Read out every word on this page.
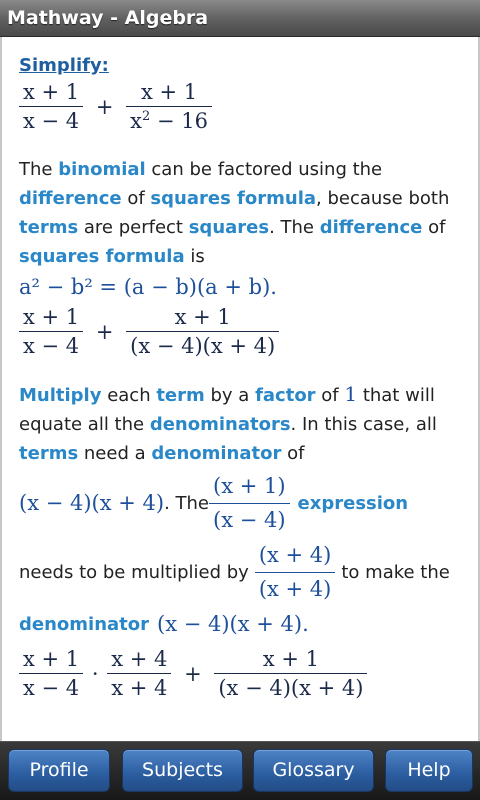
Mathway - Algebra
Simplify:
$\frac{x + 1}{x - 4} + \frac{x + 1}{x^2 - 16}$

The binomial can be factored using the difference of squares formula, because both terms are perfect squares. The difference of squares formula is

a² − b² = (a − b)(a + b).
$\frac{x + 1}{x - 4} + \frac{x + 1}{(x - 4)(x + 4)}$

Multiply each term by a factor of 1 that will equate all the denominators. In this case, all terms need a denominator of

(x − 4)(x + 4) . The $\frac{(x + 1)}{(x - 4)}$ expression
needs to be multiplied by $\frac{(x + 4)}{(x + 4)}$ to make the
denominator (x − 4)(x + 4).
$\frac{x + 1}{x - 4} \cdot \frac{x + 4}{x + 4} + \frac{x + 1}{(x - 4)(x + 4)}$
Profile	Subjects	Glossary	Help
